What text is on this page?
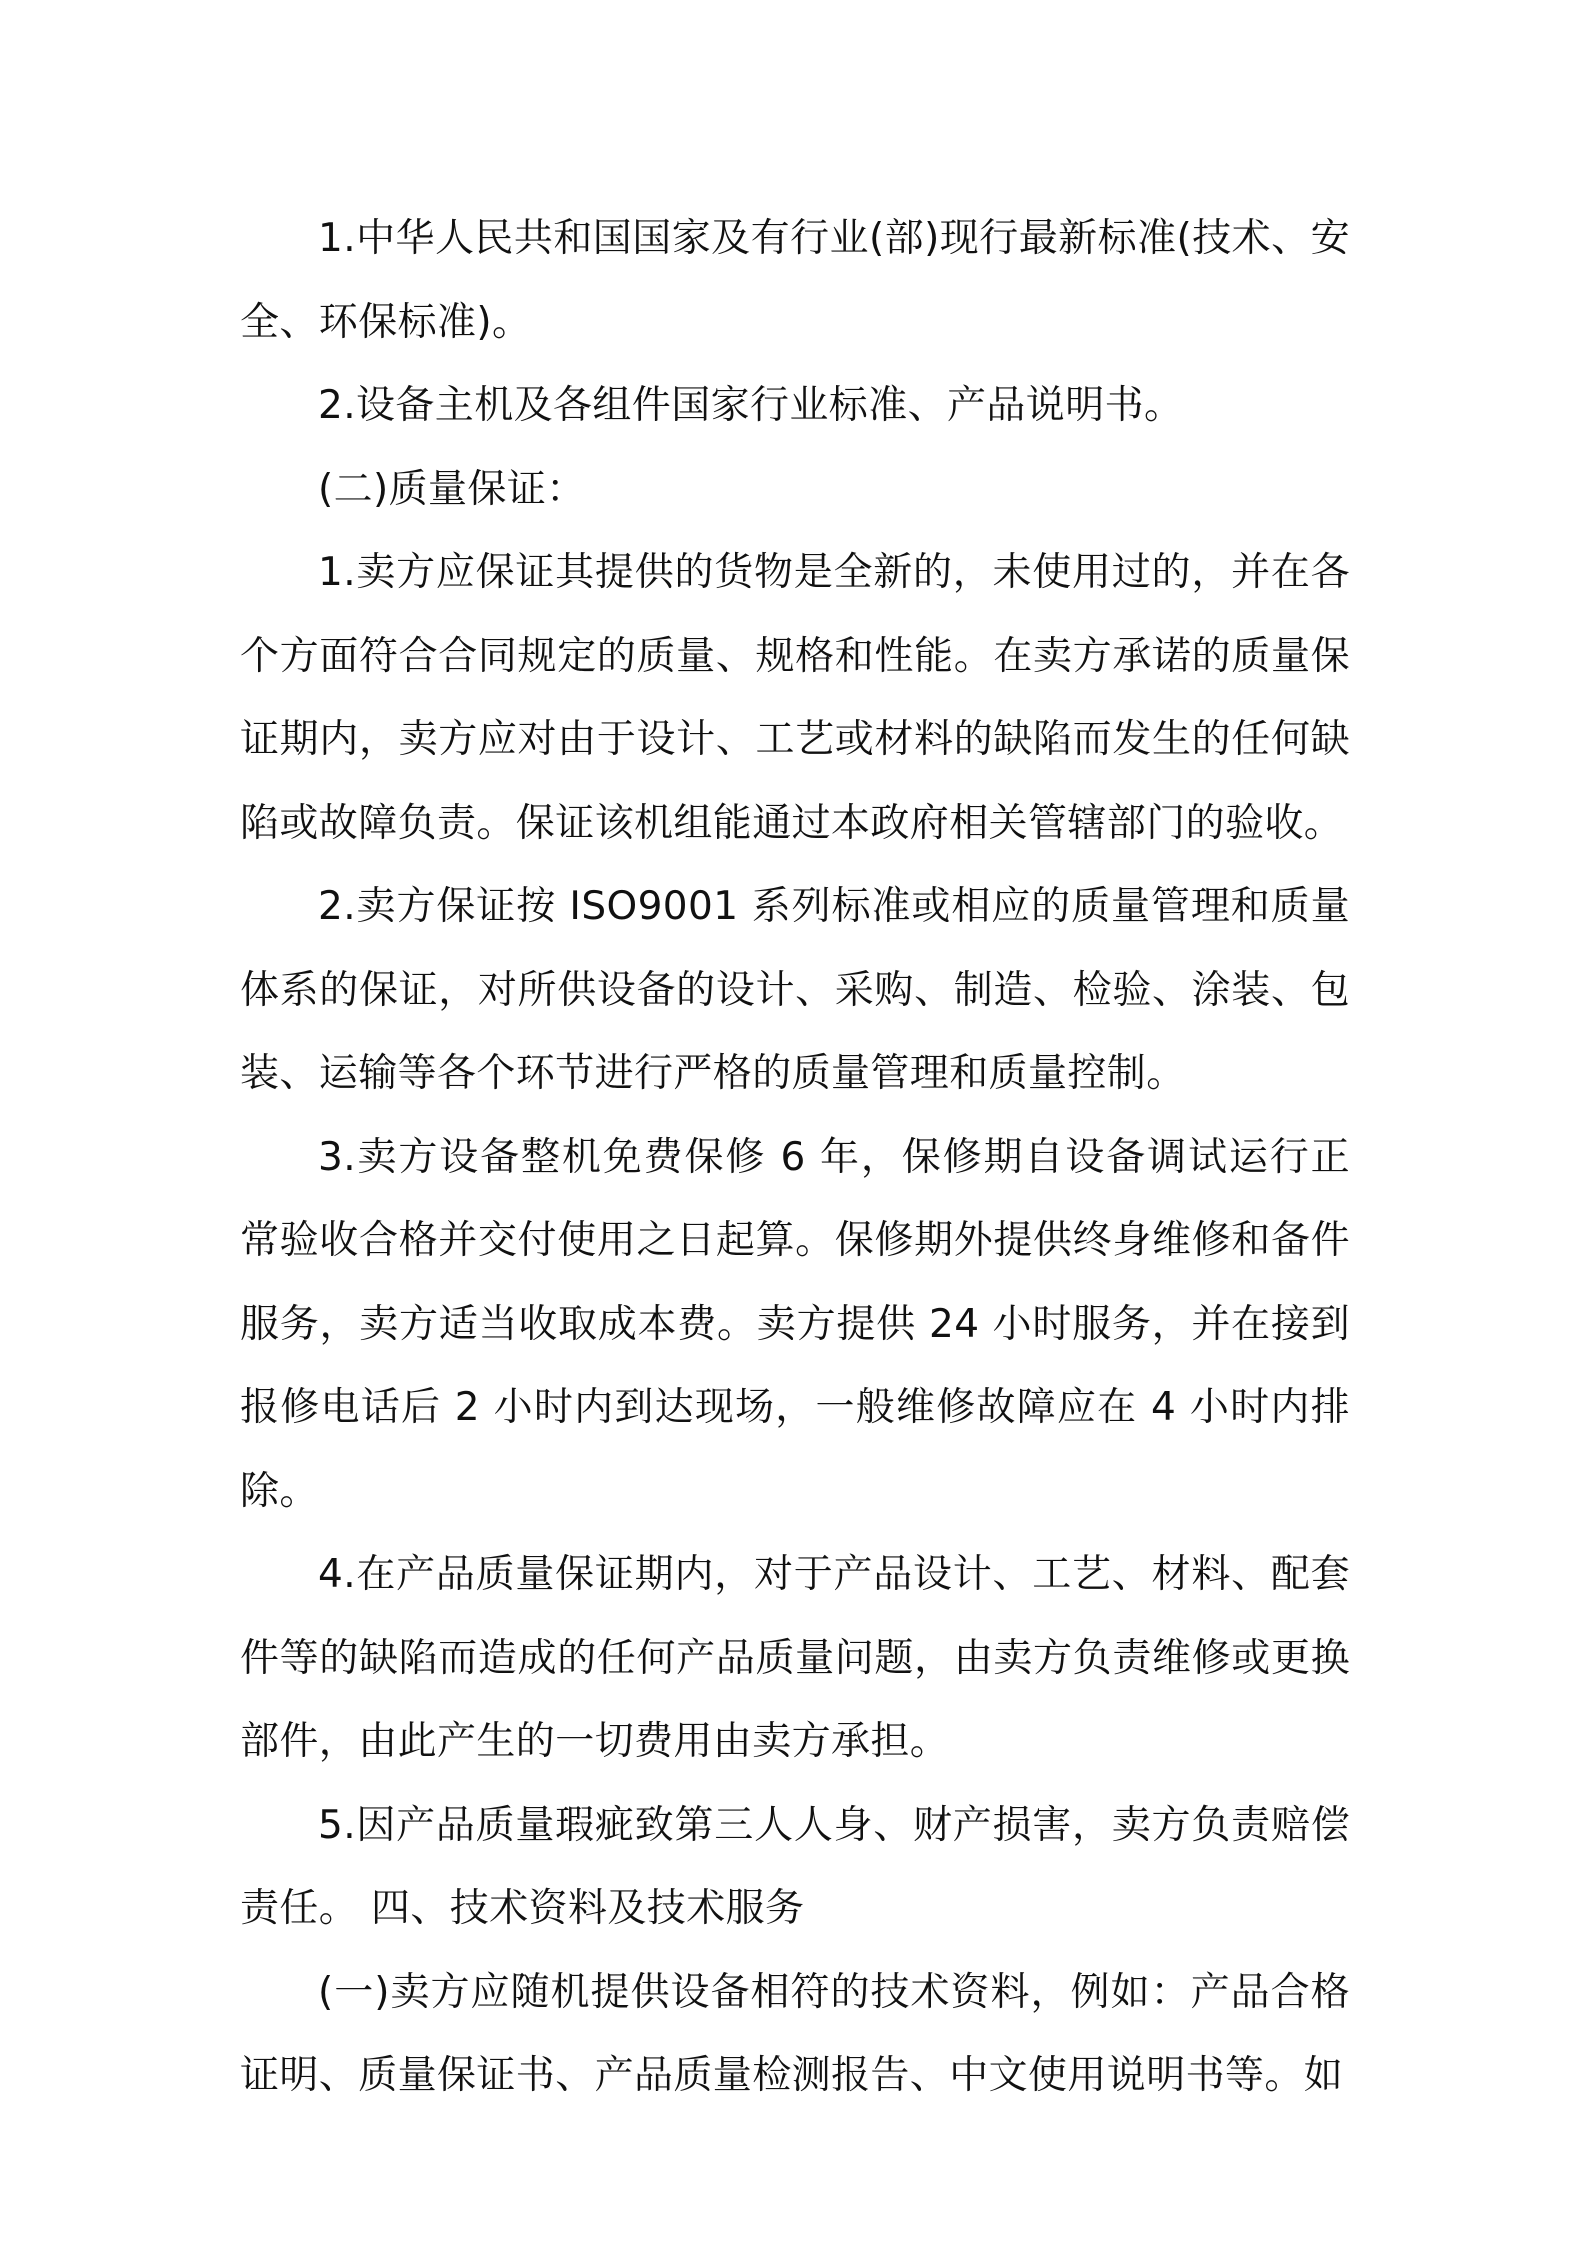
1.中华人民共和国国家及有行业(部)现行最新标准(技术、安全、环保标准)。

2.设备主机及各组件国家行业标准、产品说明书。

(二)质量保证：

1.卖方应保证其提供的货物是全新的，未使用过的，并在各个方面符合合同规定的质量、规格和性能。在卖方承诺的质量保证期内，卖方应对由于设计、工艺或材料的缺陷而发生的任何缺陷或故障负责。保证该机组能通过本政府相关管辖部门的验收。

2.卖方保证按 ISO9001 系列标准或相应的质量管理和质量体系的保证，对所供设备的设计、采购、制造、检验、涂装、包装、运输等各个环节进行严格的质量管理和质量控制。

3.卖方设备整机免费保修 6 年，保修期自设备调试运行正常验收合格并交付使用之日起算。保修期外提供终身维修和备件服务，卖方适当收取成本费。卖方提供 24 小时服务，并在接到报修电话后 2 小时内到达现场，一般维修故障应在 4 小时内排除。

4.在产品质量保证期内，对于产品设计、工艺、材料、配套件等的缺陷而造成的任何产品质量问题，由卖方负责维修或更换部件，由此产生的一切费用由卖方承担。

5.因产品质量瑕疵致第三人人身、财产损害，卖方负责赔偿责任。 四、技术资料及技术服务

(一)卖方应随机提供设备相符的技术资料，例如：产品合格证明、质量保证书、产品质量检测报告、中文使用说明书等。如
